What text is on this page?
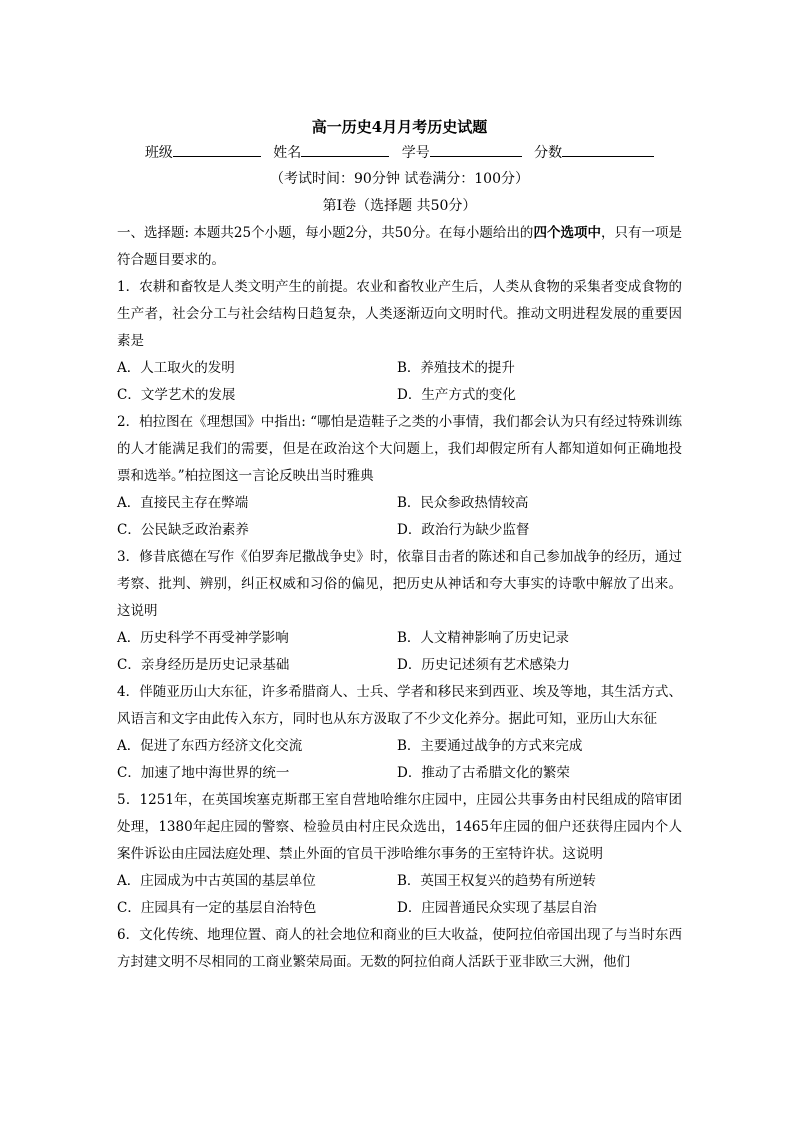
高一历史4月月考历史试题
班级	姓名	学号	分数
（考试时间：90分钟 试卷满分：100分）
第Ⅰ卷（选择题 共50分）

一、选择题: 本题共25个小题，每小题2分，共50分。在每小题给出的四个选项中，只有一项是符合题目要求的。

1．农耕和畜牧是人类文明产生的前提。农业和畜牧业产生后，人类从食物的采集者变成食物的生产者，社会分工与社会结构日趋复杂，人类逐渐迈向文明时代。推动文明进程发展的重要因素是

A．人工取火的发明	B．养殖技术的提升
C．文学艺术的发展	D．生产方式的变化

2．柏拉图在《理想国》中指出: “哪怕是造鞋子之类的小事情，我们都会认为只有经过特殊训练的人才能满足我们的需要，但是在政治这个大问题上，我们却假定所有人都知道如何正确地投票和选举。”柏拉图这一言论反映出当时雅典

A．直接民主存在弊端	B．民众参政热情较高
C．公民缺乏政治素养	D．政治行为缺少监督

3．修昔底德在写作《伯罗奔尼撒战争史》时，依靠目击者的陈述和自己参加战争的经历，通过考察、批判、辨别，纠正权威和习俗的偏见，把历史从神话和夸大事实的诗歌中解放了出来。这说明

A．历史科学不再受神学影响	B．人文精神影响了历史记录
C．亲身经历是历史记录基础	D．历史记述须有艺术感染力

4．伴随亚历山大东征，许多希腊商人、士兵、学者和移民来到西亚、埃及等地，其生活方式、风语言和文字由此传入东方，同时也从东方汲取了不少文化养分。据此可知，亚历山大东征

A．促进了东西方经济文化交流	B．主要通过战争的方式来完成
C．加速了地中海世界的统一	D．推动了古希腊文化的繁荣

5．1251年，在英国埃塞克斯郡王室自营地哈维尔庄园中，庄园公共事务由村民组成的陪审团处理，1380年起庄园的警察、检验员由村庄民众选出，1465年庄园的佃户还获得庄园内个人案件诉讼由庄园法庭处理、禁止外面的官员干涉哈维尔事务的王室特许状。这说明

A．庄园成为中古英国的基层单位	B．英国王权复兴的趋势有所逆转
C．庄园具有一定的基层自治特色	D．庄园普通民众实现了基层自治

6．文化传统、地理位置、商人的社会地位和商业的巨大收益，使阿拉伯帝国出现了与当时东西方封建文明不尽相同的工商业繁荣局面。无数的阿拉伯商人活跃于亚非欧三大洲，他们
